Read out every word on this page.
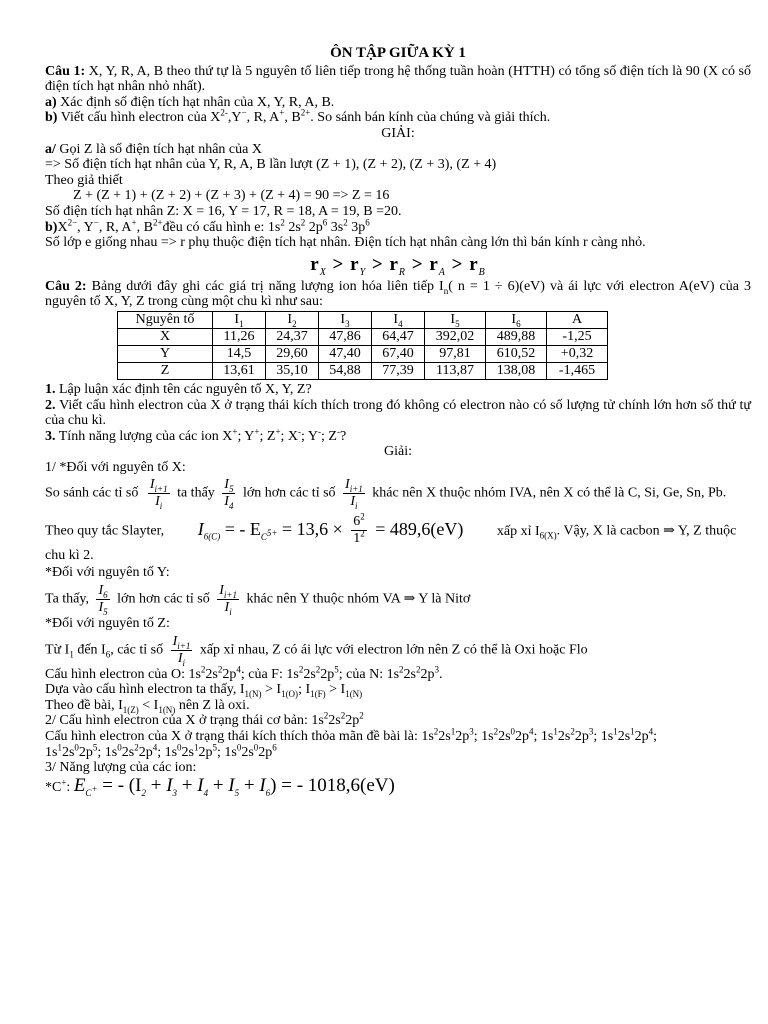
ÔN TẬP GIỮA KỲ 1
Câu 1: X, Y, R, A, B theo thứ tự là 5 nguyên tố liên tiếp trong hệ thống tuần hoàn (HTTH) có tổng số điện tích là 90 (X có số điện tích hạt nhân nhỏ nhất).
a) Xác định số điện tích hạt nhân của X, Y, R, A, B.
b) Viết cấu hình electron của $X^{2-},Y^-$, R, A+, $B^{2+}$. So sánh bán kính của chúng và giải thích.
GIẢI:
a/ Gọi Z là số điện tích hạt nhân của X
=> Số điện tích hạt nhân của Y, R, A, B lần lượt (Z + 1), (Z + 2), (Z + 3), (Z + 4)
Theo giả thiết
Z + (Z + 1) + (Z + 2) + (Z + 3) + (Z + 4) = 90 => Z = 16
Số điện tích hạt nhân Z: X = 16, Y = 17, R = 18, A = 19, B =20.
$b)X^{2-}$, Y−, R, A+, $B^{2+}đều$ có cấu hình e: $1s^2$ $2s^2$ $2p^6$ $3s^2$ $3p^6$
Số lớp e giống nhau => r phụ thuộc điện tích hạt nhân. Điện tích hạt nhân càng lớn thì bán kính r càng nhỏ.
$r_X > r_Y > r_R > r_A > r_B$
Câu 2: Bảng dưới đây ghi các giá trị năng lượng ion hóa liên tiếp $I_n$( n = 1 ÷ 6)(eV) và ái lực với electron A(eV) của 3 nguyên tố X, Y, Z trong cùng một chu kì như sau:
Nguyên tố	$I_1$	$I_2$	$I_3$	$I_4$	$I_5$	$I_6$	A
X	11,26	24,37	47,86	64,47	392,02	489,88	-1,25
Y	14,5	29,60	47,40	67,40	97,81	610,52	+0,32
Z	13,61	35,10	54,88	77,39	113,87	138,08	-1,465
1. Lập luận xác định tên các nguyên tố X, Y, Z?
2. Viết cấu hình electron của X ở trạng thái kích thích trong đó không có electron nào có số lượng tử chính lớn hơn số thứ tự của chu kì.
3. Tính năng lượng của các ion X+; Y+; Z+; X-; Y-; Z-?
Giải:
1/ *Đối với nguyên tố X:
So sánh các tỉ số $\frac{I_{i+1}}{I_i}$ ta thấy $\frac{I_5}{I_4}$ lớn hơn các tỉ số $\frac{I_{i+1}}{I_i}$ khác nên X thuộc nhóm IVA, nên X có thể là C, Si, Ge, Sn, Pb.
Theo quy tắc Slayter, $I_{6(C)}$ = - $E_{C^{5+}} = 13,6 \times \frac{6^2}{1^2} = 489,6(eV)$ xấp xỉ $I_{6(X)}$. Vậy, X là cacbon ⇒ Y, Z thuộc chu kì 2.
*Đối với nguyên tố Y:
Ta thấy, $\frac{I_6}{I_5}$ lớn hơn các tỉ số $\frac{I_{i+1}}{I_i}$ khác nên Y thuộc nhóm VA ⇒ Y là Nitơ
*Đối với nguyên tố Z:
Từ $I_1$ đến $I_6$, các tỉ số $\frac{I_{i+1}}{I_i}$ xấp xỉ nhau, Z có ái lực với electron lớn nên Z có thể là Oxi hoặc Flo
Cấu hình electron của O: $1s^22s^22p^4$; của F: $1s^22s^22p^5$; của N: $1s^22s^22p^3$.
Dựa vào cấu hình electron ta thấy, $I_{1(N)} > I_{1(O)}$; $I_{1(F)} > I_{1(N)}$
Theo đề bài, $I_{1(Z)} < I_{1(N)}$ nên Z là oxi.
2/ Cấu hình electron của X ở trạng thái cơ bản: $1s^22s^22p^2$
Cấu hình electron của X ở trạng thái kích thích thỏa mãn đề bài là: $1s^22s^12p^3$; $1s^22s^02p^4$; $1s^12s^22p^3$; $1s^12s^12p^4$;
$1s^12s^02p^5$; $1s^02s^22p^4$; $1s^02s^12p^5$; $1s^02s^02p^6$
3/ Năng lượng của các ion:
*C+: $E_{C^+}$ = - $(I_2 + I_3 + I_4 + I_5 + I_6)$ = - 1018,6(eV)
